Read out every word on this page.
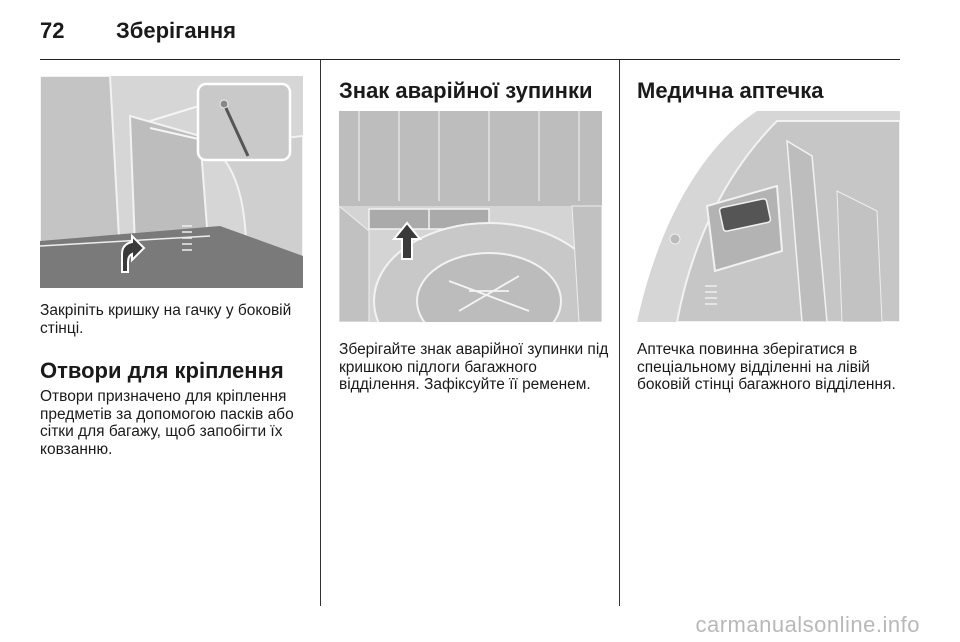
72 Зберігання
Закріпіть кришку на гачку у боковій стінці.
Отвори для кріплення
Отвори призначено для кріплення предметів за допомогою пасків або сітки для багажу, щоб запобігти їх ковзанню.
Знак аварійної зупинки
Зберігайте знак аварійної зупинки під кришкою підлоги багажного відділення. Зафіксуйте її ременем.
Медична аптечка
Аптечка повинна зберігатися в спеціальному відділенні на лівій боковій стінці багажного відділення.
carmanualsonline.info
